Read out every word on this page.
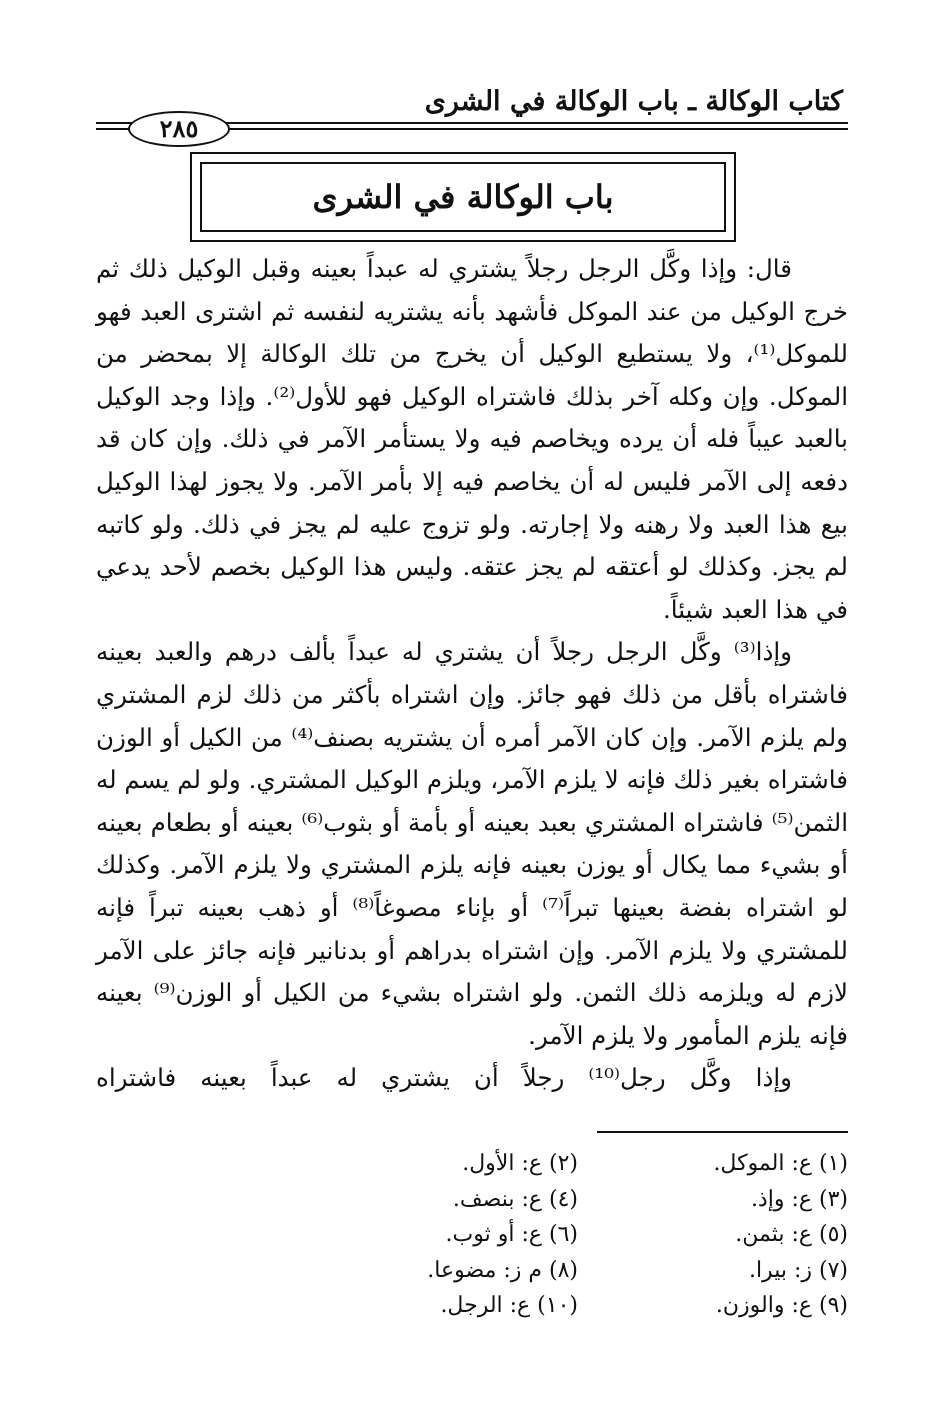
كتاب الوكالة ـ باب الوكالة في الشرى
٢٨٥
باب الوكالة في الشرى

قال: وإذا وكَّل الرجل رجلاً يشتري له عبداً بعينه وقبل الوكيل ذلك ثم خرج الوكيل من عند الموكل فأشهد بأنه يشتريه لنفسه ثم اشترى العبد فهو للموكل⁽¹⁾، ولا يستطيع الوكيل أن يخرج من تلك الوكالة إلا بمحضر من الموكل. وإن وكله آخر بذلك فاشتراه الوكيل فهو للأول⁽²⁾. وإذا وجد الوكيل بالعبد عيباً فله أن يرده ويخاصم فيه ولا يستأمر الآمر في ذلك. وإن كان قد دفعه إلى الآمر فليس له أن يخاصم فيه إلا بأمر الآمر. ولا يجوز لهذا الوكيل بيع هذا العبد ولا رهنه ولا إجارته. ولو تزوج عليه لم يجز في ذلك. ولو كاتبه لم يجز. وكذلك لو أعتقه لم يجز عتقه. وليس هذا الوكيل بخصم لأحد يدعي في هذا العبد شيئاً.

وإذا⁽³⁾ وكَّل الرجل رجلاً أن يشتري له عبداً بألف درهم والعبد بعينه فاشتراه بأقل من ذلك فهو جائز. وإن اشتراه بأكثر من ذلك لزم المشتري ولم يلزم الآمر. وإن كان الآمر أمره أن يشتريه بصنف⁽⁴⁾ من الكيل أو الوزن فاشتراه بغير ذلك فإنه لا يلزم الآمر، ويلزم الوكيل المشتري. ولو لم يسم له الثمن⁽⁵⁾ فاشتراه المشتري بعبد بعينه أو بأمة أو بثوب⁽⁶⁾ بعينه أو بطعام بعينه أو بشيء مما يكال أو يوزن بعينه فإنه يلزم المشتري ولا يلزم الآمر. وكذلك لو اشتراه بفضة بعينها تبراً⁽⁷⁾ أو بإناء مصوغاً⁽⁸⁾ أو ذهب بعينه تبراً فإنه للمشتري ولا يلزم الآمر. وإن اشتراه بدراهم أو بدنانير فإنه جائز على الآمر لازم له ويلزمه ذلك الثمن. ولو اشتراه بشيء من الكيل أو الوزن⁽⁹⁾ بعينه فإنه يلزم المأمور ولا يلزم الآمر.

وإذا وكَّل رجل⁽¹⁰⁾ رجلاً أن يشتري له عبداً بعينه فاشتراه

(١) ع: الموكل.
(٢) ع: الأول.
(٣) ع: وإذ.
(٤) ع: بنصف.
(٥) ع: بثمن.
(٦) ع: أو ثوب.
(٧) ز: بيرا.
(٨) م ز: مضوعا.
(٩) ع: والوزن.
(١٠) ع: الرجل.
